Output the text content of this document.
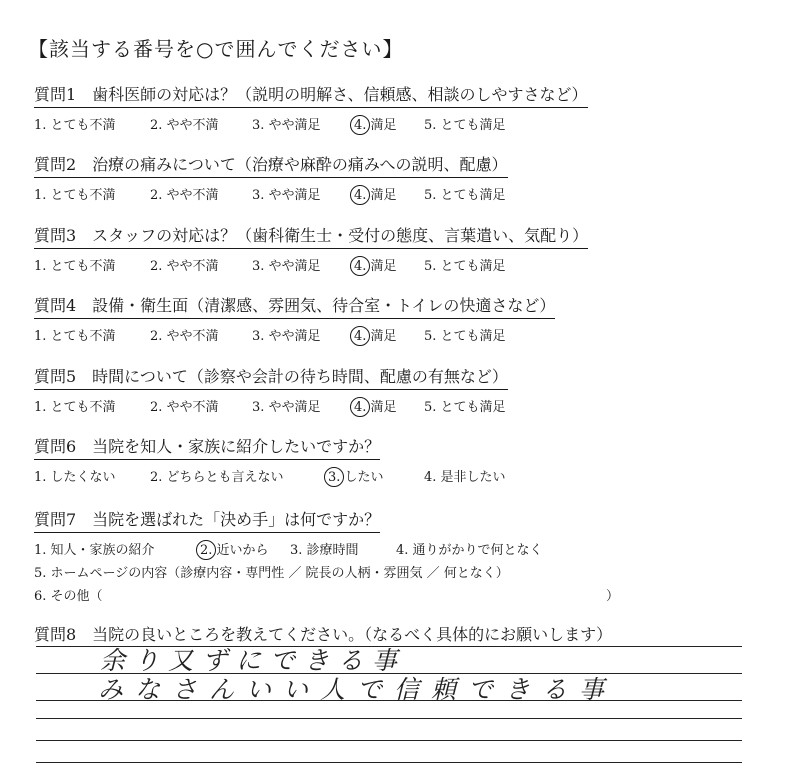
【該当する番号を○で囲んでください】
質問1　歯科医師の対応は？（説明の明解さ、信頼感、相談のしやすさなど）
1. とても不満	2. やや不満	3. やや満足	4. 満足 5. とても満足
質問2　治療の痛みについて（治療や麻酔の痛みへの説明、配慮）
1. とても不満	2. やや不満	3. やや満足	4. 満足 5. とても満足
質問3　スタッフの対応は？（歯科衛生士・受付の態度、言葉遣い、気配り）
1. とても不満	2. やや不満	3. やや満足	4. 満足 5. とても満足
質問4　設備・衛生面（清潔感、雰囲気、待合室・トイレの快適さなど）
1. とても不満	2. やや不満	3. やや満足	4. 満足 5. とても満足
質問5　時間について（診察や会計の待ち時間、配慮の有無など）
1. とても不満	2. やや不満	3. やや満足	4. 満足 5. とても満足
質問6　当院を知人・家族に紹介したいですか？
1. したくない	2. どちらとも言えない	3. したい	4. 是非したい
質問7　当院を選ばれた「決め手」は何ですか？
1. 知人・家族の紹介	2. 近いから 3. 診療時間	4. 通りがかりで何となく
5. ホームページの内容（診療内容・専門性 ／ 院長の人柄・雰囲気 ／ 何となく）
6. その他（	）
質問8　当院の良いところを教えてください。（なるべく具体的にお願いします）
余り又ずにできる事
みなさんいい人で信頼できる事
